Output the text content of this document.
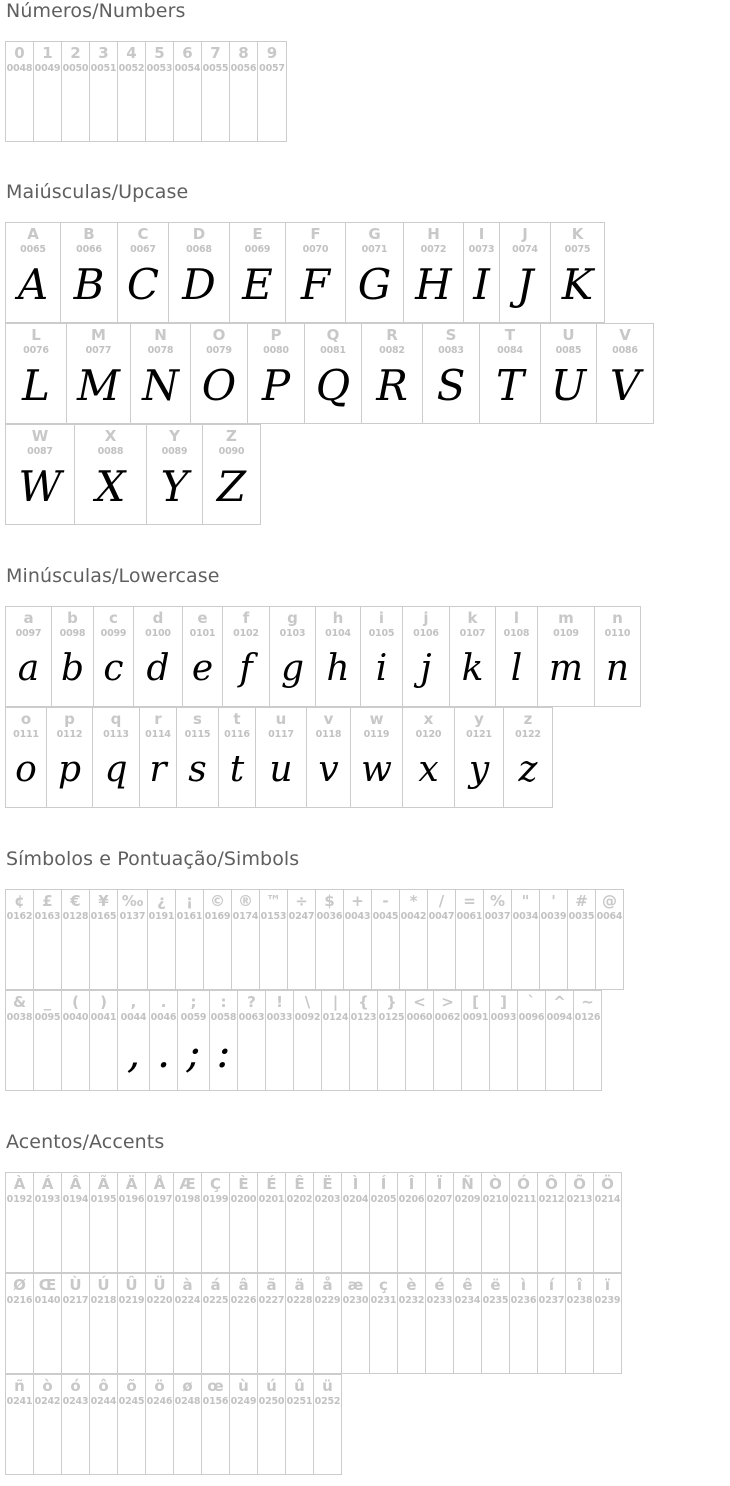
Números/Numbers
0
0048
1
0049
2
0050
3
0051
4
0052
5
0053
6
0054
7
0055
8
0056
9
0057
Maiúsculas/Upcase
A
0065
A
B
0066
B
C
0067
C
D
0068
D
E
0069
E
F
0070
F
G
0071
G
H
0072
H
I
0073
I
J
0074
J
K
0075
K
L
0076
L
M
0077
M
N
0078
N
O
0079
O
P
0080
P
Q
0081
Q
R
0082
R
S
0083
S
T
0084
T
U
0085
U
V
0086
V
W
0087
W
X
0088
X
Y
0089
Y
Z
0090
Z
Minúsculas/Lowercase
a
0097
a
b
0098
b
c
0099
c
d
0100
d
e
0101
e
f
0102
f
g
0103
g
h
0104
h
i
0105
i
j
0106
j
k
0107
k
l
0108
l
m
0109
m
n
0110
n
o
0111
o
p
0112
p
q
0113
q
r
0114
r
s
0115
s
t
0116
t
u
0117
u
v
0118
v
w
0119
w
x
0120
x
y
0121
y
z
0122
z
Símbolos e Pontuação/Simbols
¢
0162
£
0163
€
0128
¥
0165
‰
0137
¿
0191
¡
0161
©
0169
®
0174
™
0153
÷
0247
$
0036
+
0043
-
0045
*
0042
/
0047
=
0061
%
0037
"
0034
'
0039
#
0035
@
0064
&
0038
_
0095
(
0040
)
0041
,
0044
,
.
0046
.
;
0059
;
:
0058
:
?
0063
!
0033
\
0092
|
0124
{
0123
}
0125
<
0060
>
0062
[
0091
]
0093
`
0096
^
0094
~
0126
Acentos/Accents
À
0192
Á
0193
Â
0194
Ã
0195
Ä
0196
Å
0197
Æ
0198
Ç
0199
È
0200
É
0201
Ê
0202
Ë
0203
Ì
0204
Í
0205
Î
0206
Ï
0207
Ñ
0209
Ò
0210
Ó
0211
Ô
0212
Õ
0213
Ö
0214
Ø
0216
Œ
0140
Ù
0217
Ú
0218
Û
0219
Ü
0220
à
0224
á
0225
â
0226
ã
0227
ä
0228
å
0229
æ
0230
ç
0231
è
0232
é
0233
ê
0234
ë
0235
ì
0236
í
0237
î
0238
ï
0239
ñ
0241
ò
0242
ó
0243
ô
0244
õ
0245
ö
0246
ø
0248
œ
0156
ù
0249
ú
0250
û
0251
ü
0252
